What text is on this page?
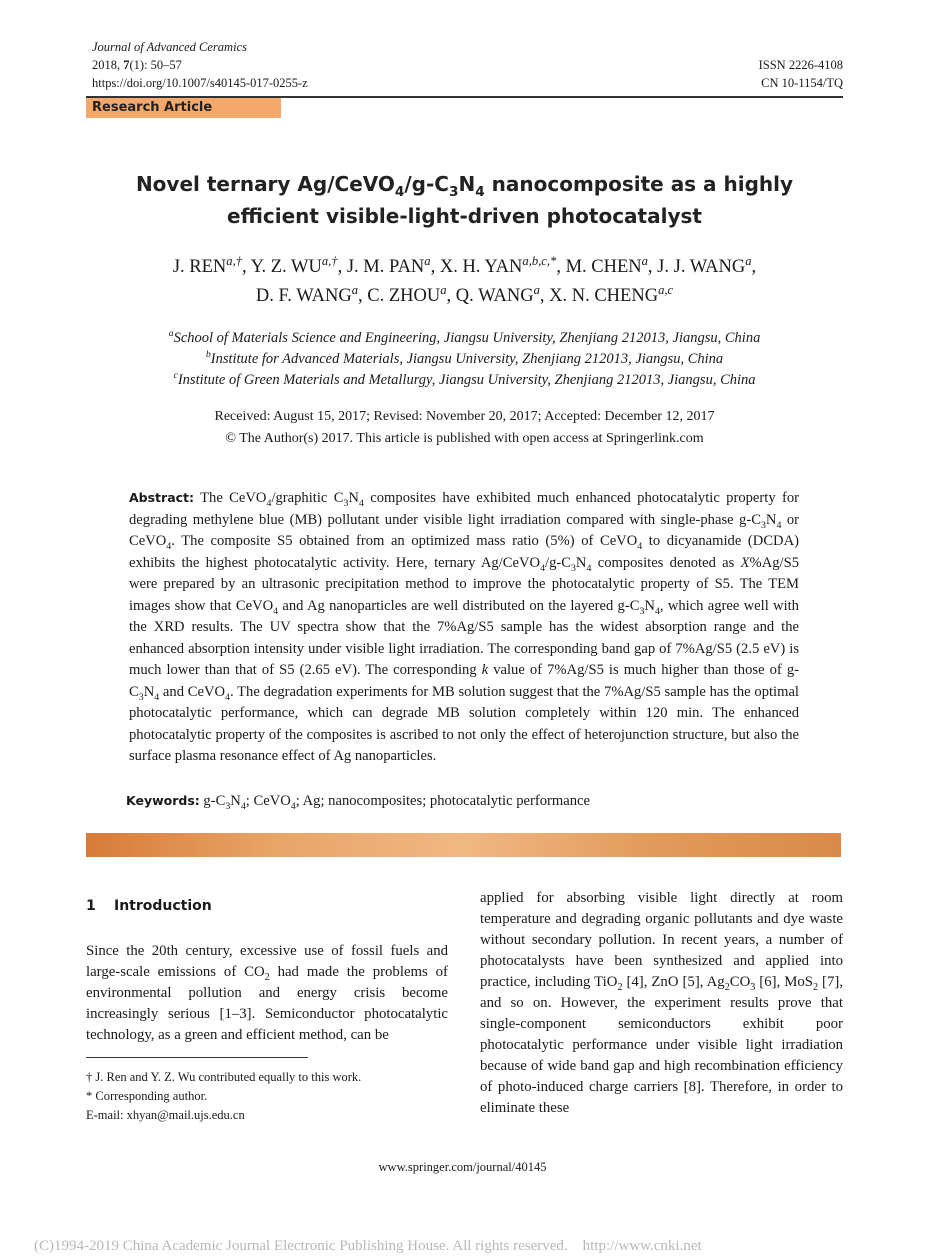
Journal of Advanced Ceramics
2018, 7(1): 50–57
https://doi.org/10.1007/s40145-017-0255-z
ISSN 2226-4108
CN 10-1154/TQ
Research Article
Novel ternary $Ag/CeVO_4/g-C_3N_4$ nanocomposite as a highly
efficient visible-light-driven photocatalyst
J. $REN^{a,\dagger}$, Y. Z. $WU^{a,\dagger}$, J. M. PAN$^a$, X. H. $YAN^{a,b,c,*}$, M. CHEN$^a$, J. J. WANG$^a$,
D. F. WANG$^a$, C. ZHOU$^a$, Q. WANG$^a$, X. N. CHENG$^{a,c}$
$^a$School of Materials Science and Engineering, Jiangsu University, Zhenjiang 212013, Jiangsu, China
$^b$Institute for Advanced Materials, Jiangsu University, Zhenjiang 212013, Jiangsu, China
$^c$Institute of Green Materials and Metallurgy, Jiangsu University, Zhenjiang 212013, Jiangsu, China
Received: August 15, 2017; Revised: November 20, 2017; Accepted: December 12, 2017
© The Author(s) 2017. This article is published with open access at Springerlink.com
Abstract: The CeVO$_4$/graphitic $C_3N_4$ composites have exhibited much enhanced photocatalytic property for degrading methylene blue (MB) pollutant under visible light irradiation compared with single-phase $g-C_3N_4$ or CeVO$_4$. The composite S5 obtained from an optimized mass ratio (5%) of CeVO$_4$ to dicyanamide (DCDA) exhibits the highest photocatalytic activity. Here, ternary $Ag/CeVO_4/g-C_3N_4$ composites denoted as X%Ag/S5 were prepared by an ultrasonic precipitation method to improve the photocatalytic property of S5. The TEM images show that CeVO$_4$ and Ag nanoparticles are well distributed on the layered $g-C_3N_4$, which agree well with the XRD results. The UV spectra show that the 7%Ag/S5 sample has the widest absorption range and the enhanced absorption intensity under visible light irradiation. The corresponding band gap of 7%Ag/S5 (2.5 eV) is much lower than that of S5 (2.65 eV). The corresponding k value of 7%Ag/S5 is much higher than those of $g-C_3N_4$ and CeVO$_4$. The degradation experiments for MB solution suggest that the 7%Ag/S5 sample has the optimal photocatalytic performance, which can degrade MB solution completely within 120 min. The enhanced photocatalytic property of the composites is ascribed to not only the effect of heterojunction structure, but also the surface plasma resonance effect of Ag nanoparticles.
Keywords: $g-C_3N_4$; CeVO$_4$; Ag; nanocomposites; photocatalytic performance
1 Introduction
Since the 20th century, excessive use of fossil fuels and large-scale emissions of $CO_2$ had made the problems of environmental pollution and energy crisis become increasingly serious [1–3]. Semiconductor photocatalytic technology, as a green and efficient method, can be
† J. Ren and Y. Z. Wu contributed equally to this work.
* Corresponding author.
E-mail: xhyan@mail.ujs.edu.cn
applied for absorbing visible light directly at room temperature and degrading organic pollutants and dye waste without secondary pollution. In recent years, a number of photocatalysts have been synthesized and applied into practice, including TiO$_2$ [4], ZnO [5], $Ag_2CO_3$ [6], MoS$_2$ [7], and so on. However, the experiment results prove that single-component semiconductors exhibit poor photocatalytic performance under visible light irradiation because of wide band gap and high recombination efficiency of photo-induced charge carriers [8]. Therefore, in order to eliminate these
www.springer.com/journal/40145
(C)1994-2019 China Academic Journal Electronic Publishing House. All rights reserved.    http://www.cnki.net
